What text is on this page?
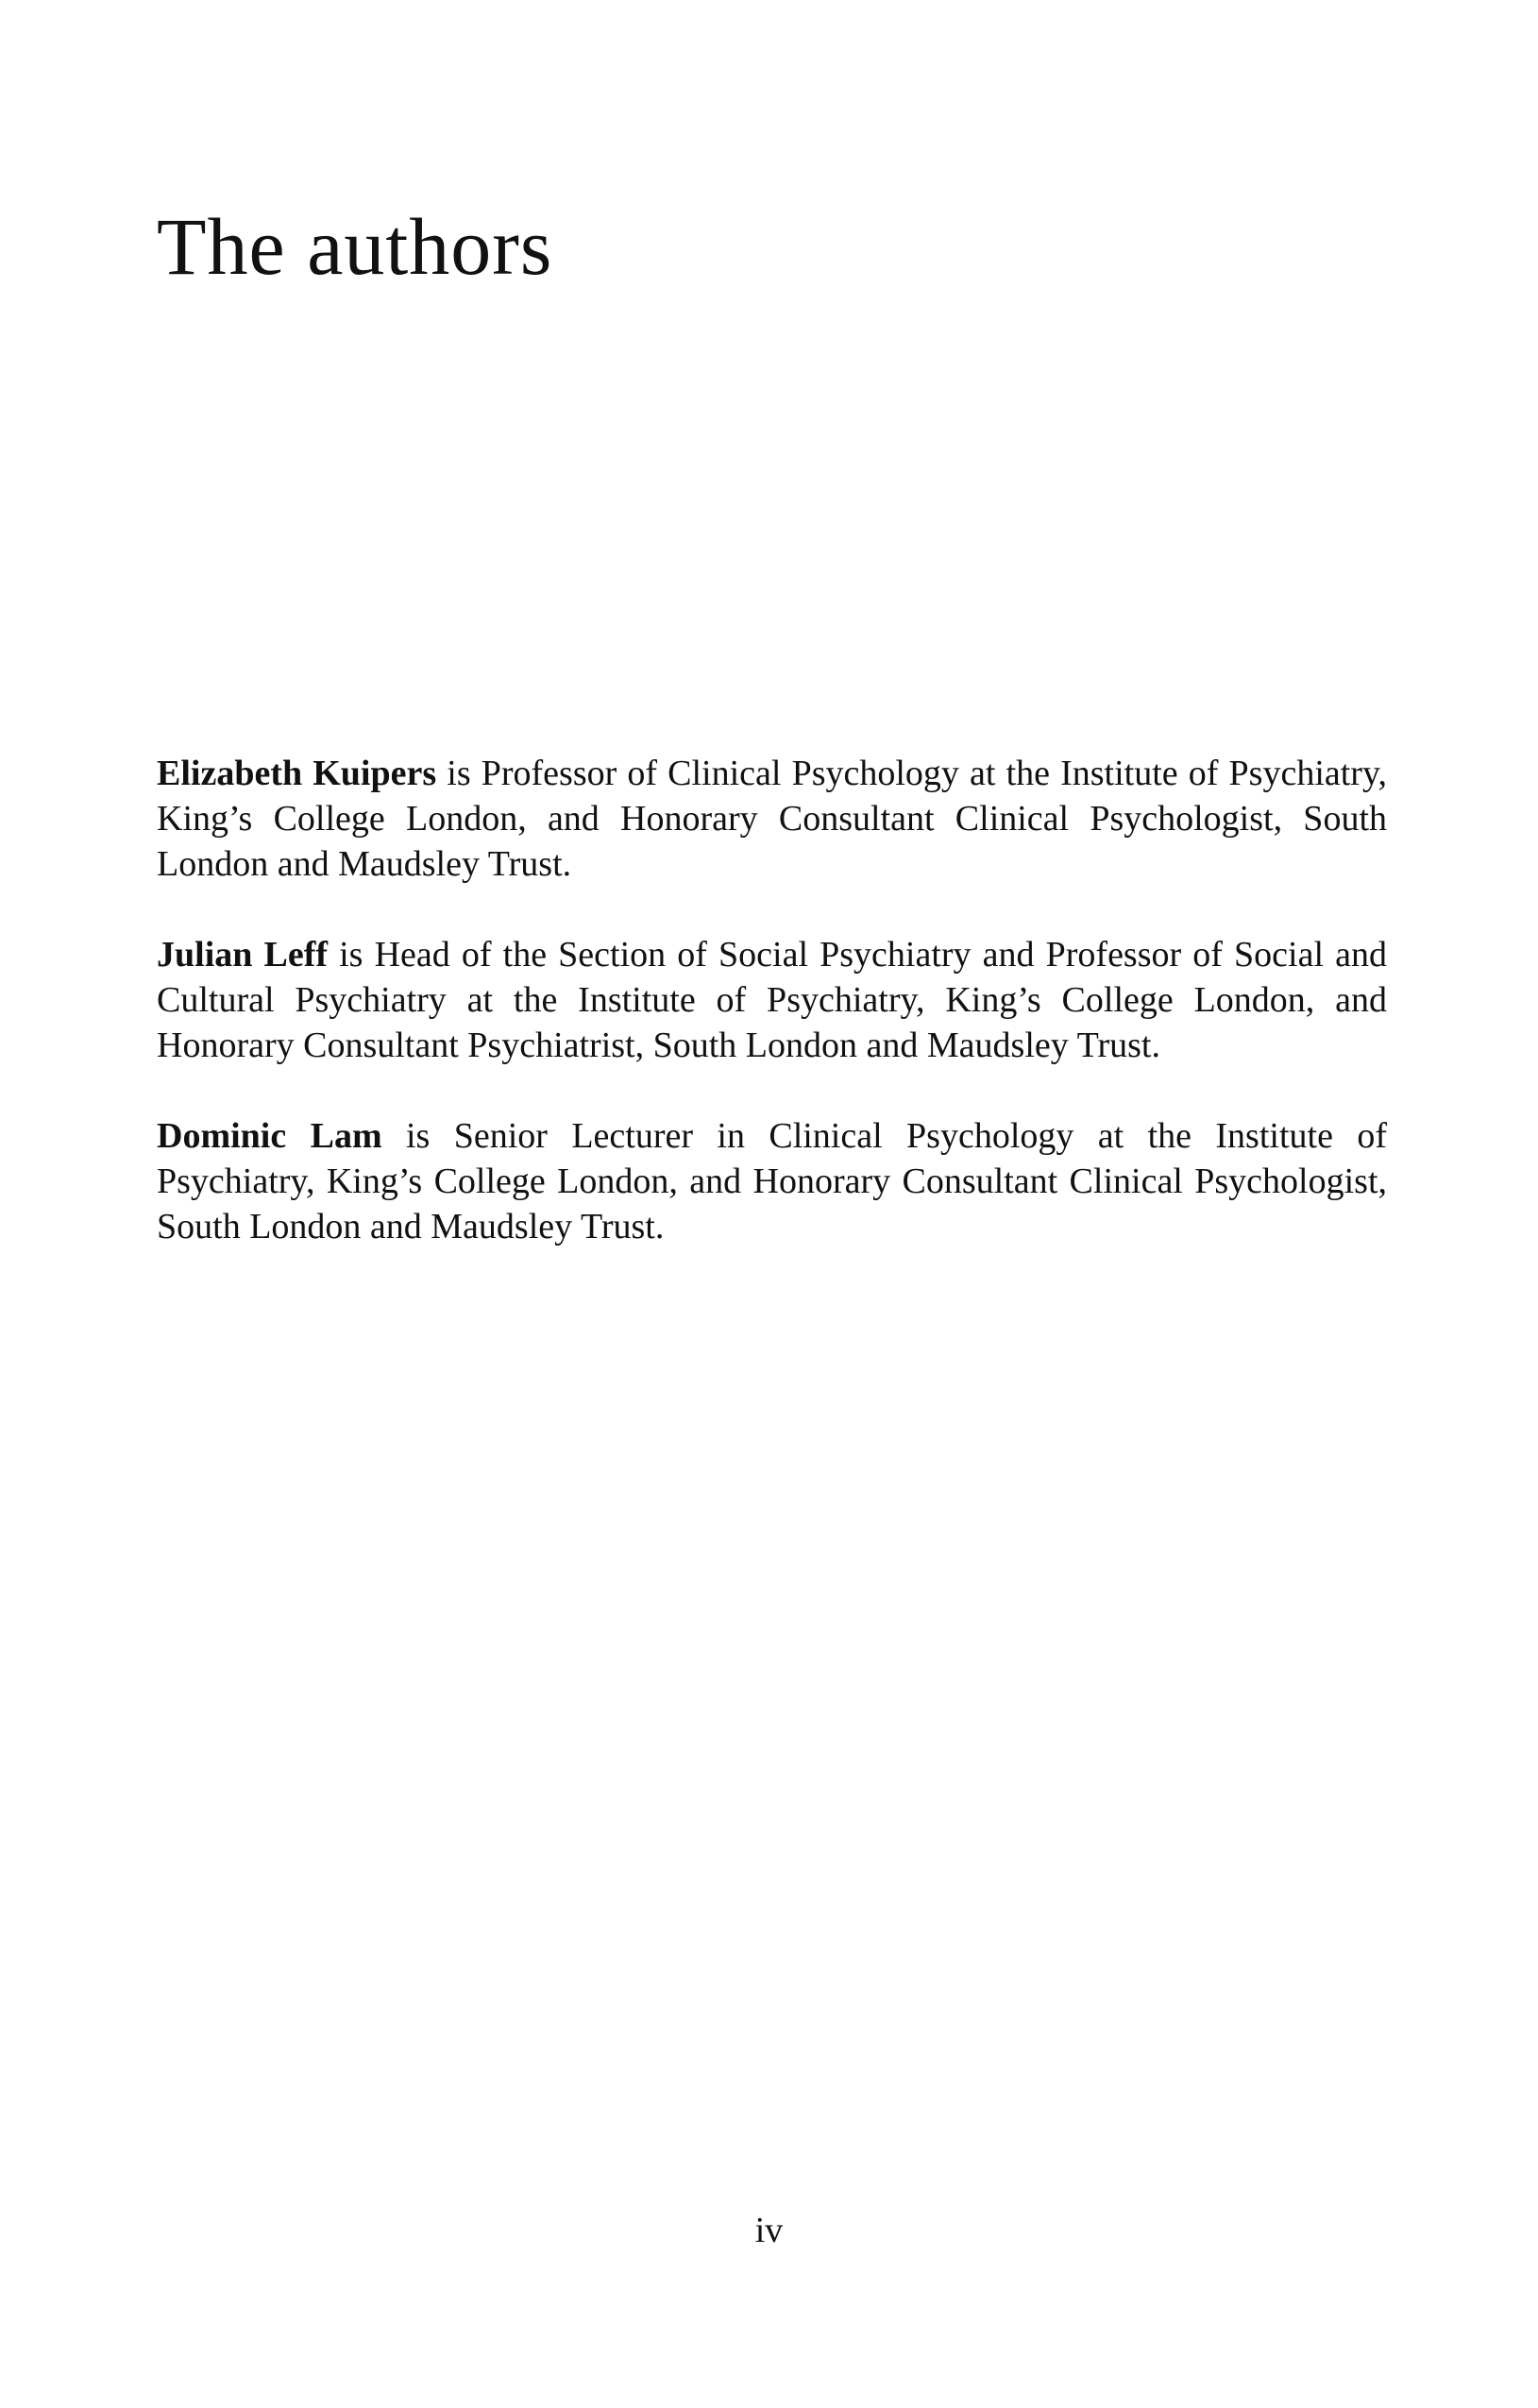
The authors

Elizabeth Kuipers is Professor of Clinical Psychology at the Institute of Psychiatry, King’s College London, and Honorary Consultant Clinical Psychologist, South London and Maudsley Trust.

Julian Leff is Head of the Section of Social Psychiatry and Professor of Social and Cultural Psychiatry at the Institute of Psychiatry, King’s College London, and Honorary Consultant Psychiatrist, South London and Maudsley Trust.

Dominic Lam is Senior Lecturer in Clinical Psychology at the Institute of Psychiatry, King’s College London, and Honorary Consultant Clinical Psychologist, South London and Maudsley Trust.

iv
